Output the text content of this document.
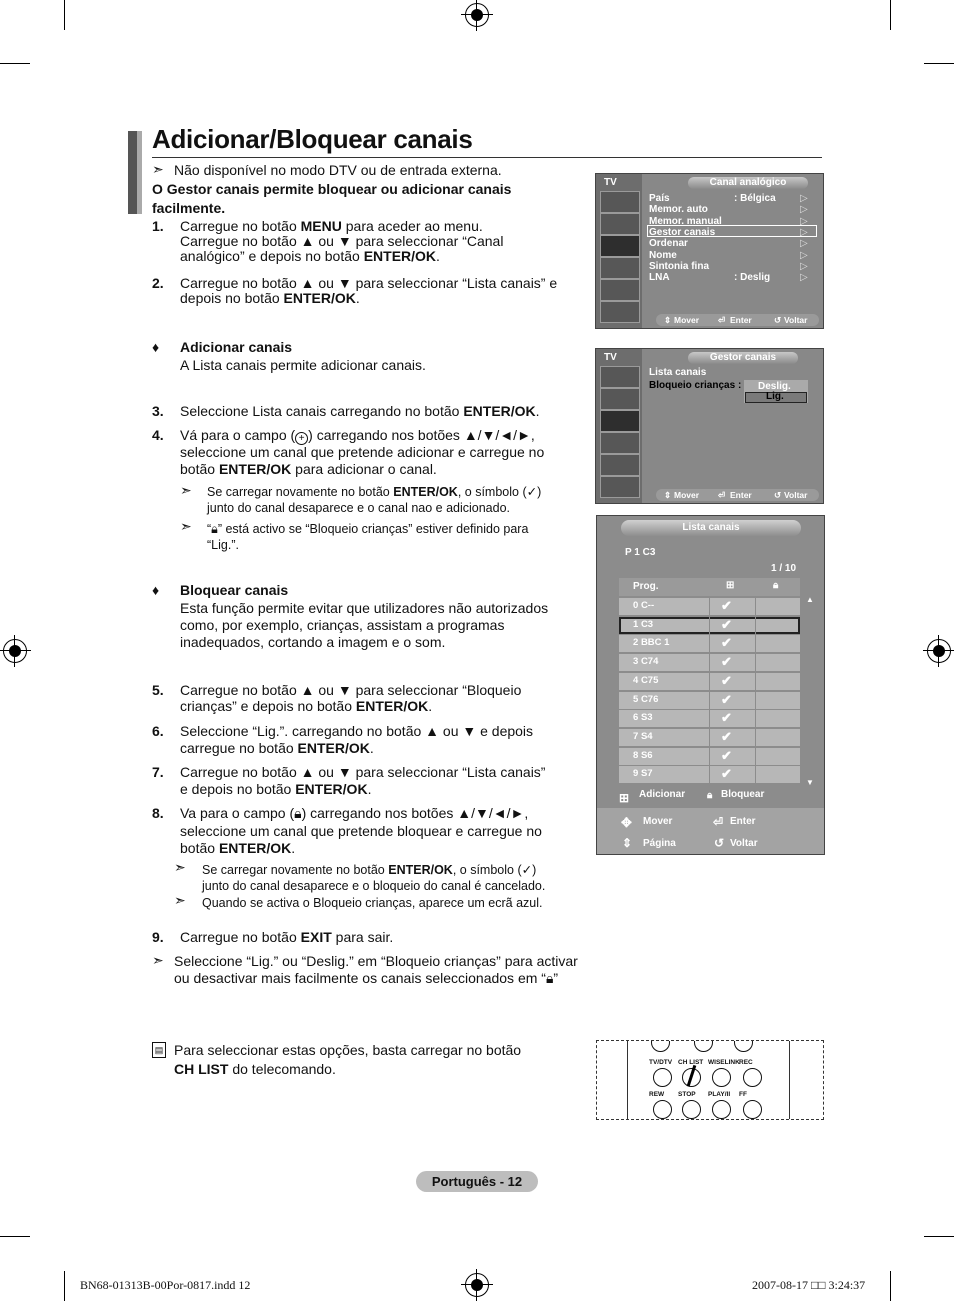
Adicionar/Bloquear canais
➣ Não disponível no modo DTV ou de entrada externa.
O Gestor canais permite bloquear ou adicionar canais
facilmente.
1. Carregue no botão MENU para aceder ao menu.
Carregue no botão ▲ ou ▼ para seleccionar “Canal
analógico” e depois no botão ENTER/OK.
2. Carregue no botão ▲ ou ▼ para seleccionar “Lista canais” e
depois no botão ENTER/OK.
♦ Adicionar canais
A Lista canais permite adicionar canais.
3. Seleccione Lista canais carregando no botão ENTER/OK.
4. Vá para o campo ( + ) carregando nos botões ▲/▼/◄/►,
seleccione um canal que pretende adicionar e carregue no
botão ENTER/OK para adicionar o canal.
➣ Se carregar novamente no botão ENTER/OK, o símbolo (✓)
junto do canal desaparece e o canal nao e adicionado.
➣ “🔒︎” está activo se “Bloqueio crianças” estiver definido para
“Lig.”.
♦ Bloquear canais
Esta função permite evitar que utilizadores não autorizados
como, por exemplo, crianças, assistam a programas
inadequados, cortando a imagem e o som.
5. Carregue no botão ▲ ou ▼ para seleccionar “Bloqueio
crianças” e depois no botão ENTER/OK.
6. Seleccione “Lig.”. carregando no botão ▲ ou ▼ e depois
carregue no botão ENTER/OK.
7. Carregue no botão ▲ ou ▼ para seleccionar “Lista canais”
e depois no botão ENTER/OK.
8. Va para o campo (🔒︎) carregando nos botões ▲/▼/◄/►,
seleccione um canal que pretende bloquear e carregue no
botão ENTER/OK.
➣ Se carregar novamente no botão ENTER/OK, o símbolo (✓)
junto do canal desaparece e o bloqueio do canal é cancelado.
➣ Quando se activa o Bloqueio crianças, aparece um ecrã azul.
9. Carregue no botão EXIT para sair.
➣ Seleccione “Lig.” ou “Deslig.” em “Bloqueio crianças” para activar
ou desactivar mais facilmente os canais seleccionados em “🔒︎”
▤ Para seleccionar estas opções, basta carregar no botão
CH LIST do telecomando.
TV	Canal analógico
País	: Bélgica ▷
Memor. auto	▷
Memor. manual	▷
Gestor canais	▷
Ordenar	▷
Nome	▷
Sintonia fina	▷
LNA	: Deslig	▷
⇕ Mover ⏎ Enter	↺ Voltar
TV	Gestor canais
Lista canais
Bloqueio crianças : Deslig.
Lig.
⇕ Mover ⏎ Enter	↺ Voltar
Lista canais
P 1 C3
1 / 10
Prog.	⊞	🔒︎
0 C--	✔
1 C3	✔
2 BBC 1	✔
3 C74	✔
4 C75	✔
5 C76	✔
6 S3	✔
7 S4	✔
8 S6	✔
9 S7	✔
▲
▼
⊞ Adicionar 🔒︎ Bloquear
✥ Mover	⏎ Enter
⇕ Página	↺ Voltar
TV/DTV CH LIST WISELINK REC
REW STOP PLAY/II FF
Português - 12
BN68-01313B-00Por-0817.indd 12	2007-08-17 □□ 3:24:37
